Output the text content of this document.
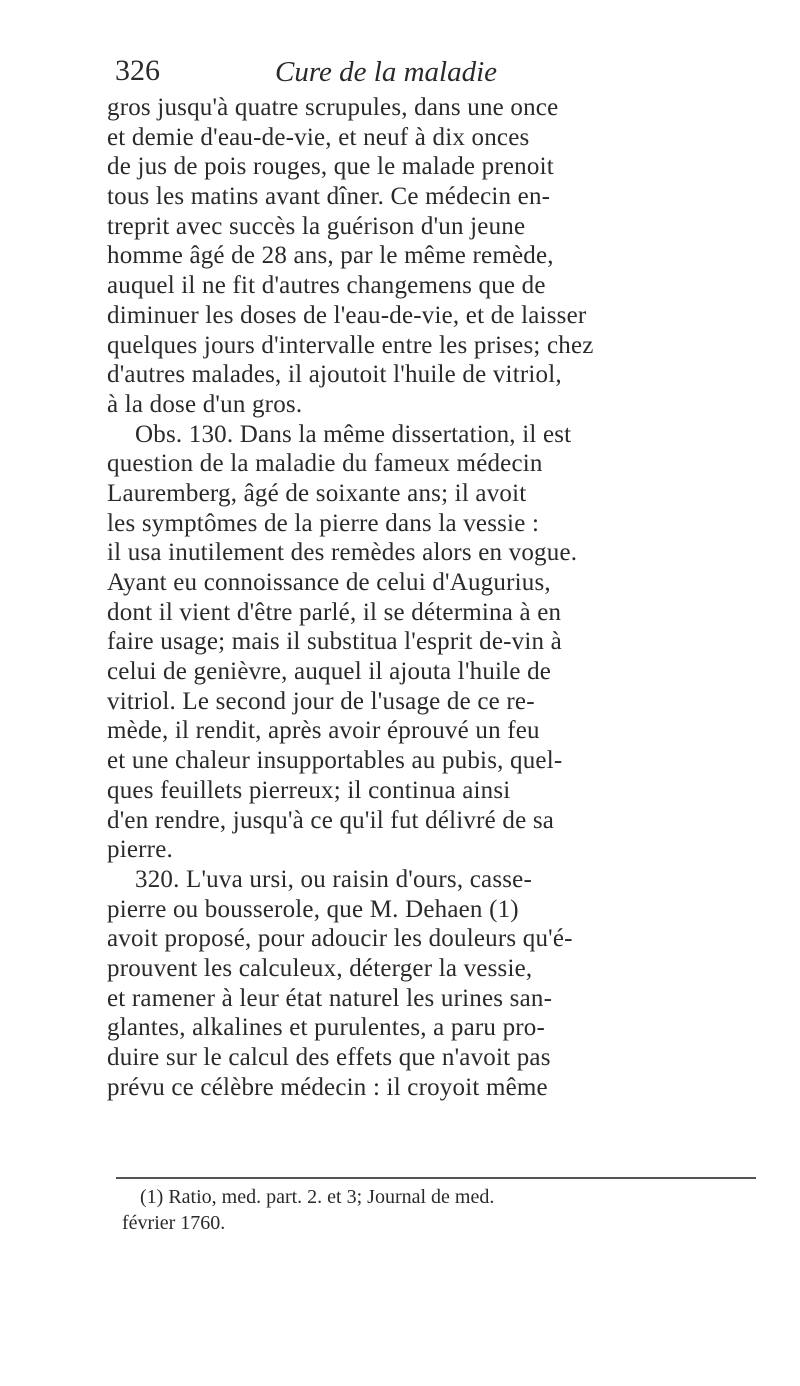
326	Cure de la maladie
gros jusqu'à quatre scrupules, dans une once
et demie d'eau-de-vie, et neuf à dix onces
de jus de pois rouges, que le malade prenoit
tous les matins avant dîner. Ce médecin en-
treprit avec succès la guérison d'un jeune
homme âgé de 28 ans, par le même remède,
auquel il ne fit d'autres changemens que de
diminuer les doses de l'eau-de-vie, et de laisser
quelques jours d'intervalle entre les prises; chez
d'autres malades, il ajoutoit l'huile de vitriol,
à la dose d'un gros.
Obs. 130. Dans la même dissertation, il est
question de la maladie du fameux médecin
Lauremberg, âgé de soixante ans; il avoit
les symptômes de la pierre dans la vessie :
il usa inutilement des remèdes alors en vogue.
Ayant eu connoissance de celui d'Augurius,
dont il vient d'être parlé, il se détermina à en
faire usage; mais il substitua l'esprit de-vin à
celui de genièvre, auquel il ajouta l'huile de
vitriol. Le second jour de l'usage de ce re-
mède, il rendit, après avoir éprouvé un feu
et une chaleur insupportables au pubis, quel-
ques feuillets pierreux; il continua ainsi
d'en rendre, jusqu'à ce qu'il fut délivré de sa
pierre.
320. L'uva ursi, ou raisin d'ours, casse-
pierre ou bousserole, que M. Dehaen (1)
avoit proposé, pour adoucir les douleurs qu'é-
prouvent les calculeux, déterger la vessie,
et ramener à leur état naturel les urines san-
glantes, alkalines et purulentes, a paru pro-
duire sur le calcul des effets que n'avoit pas
prévu ce célèbre médecin : il croyoit même
(1) Ratio, med. part. 2. et 3; Journal de med.
février 1760.
